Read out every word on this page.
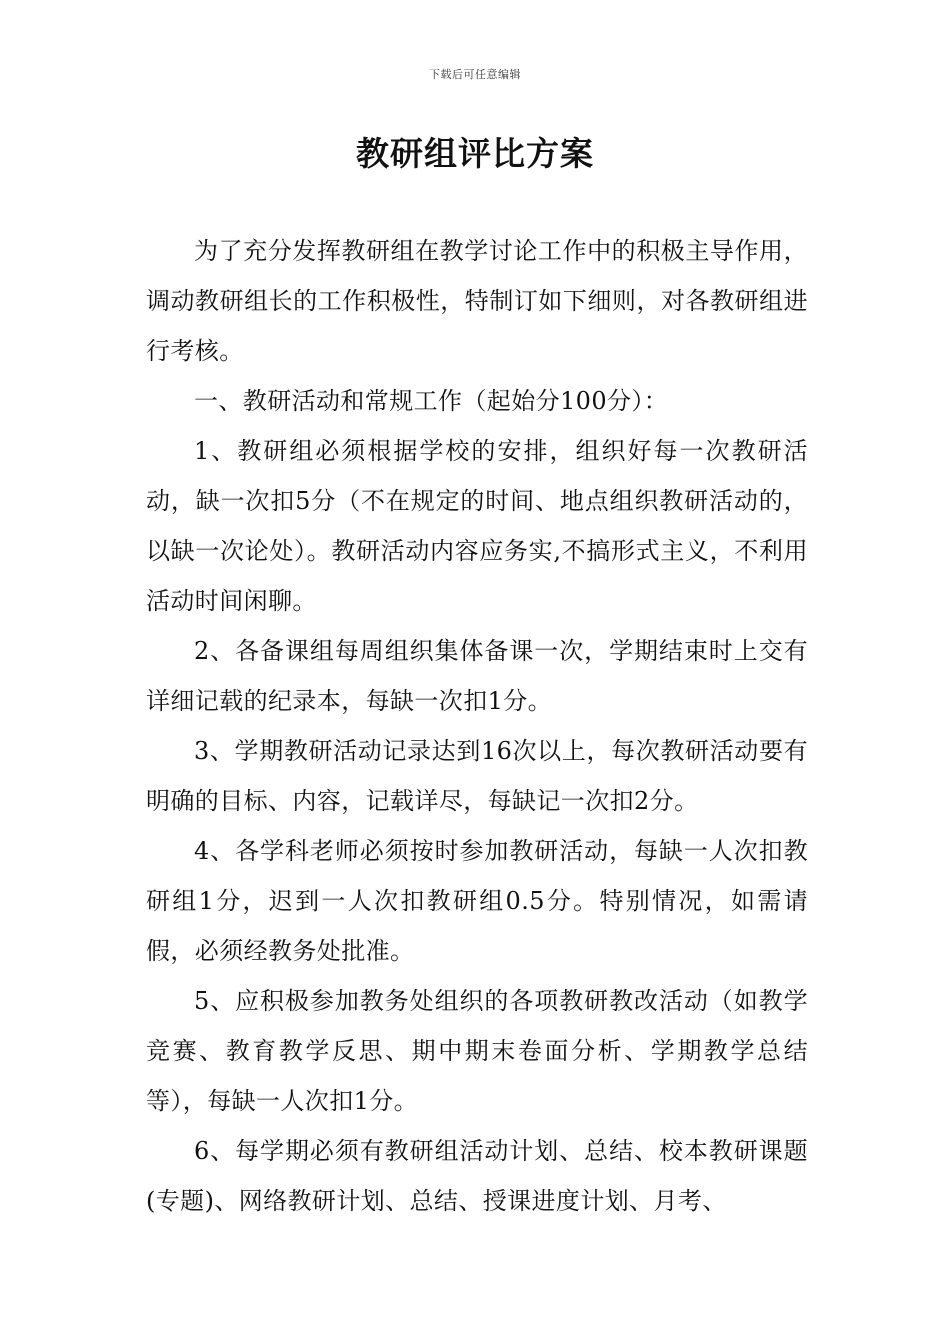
下载后可任意编辑
教研组评比方案

为了充分发挥教研组在教学讨论工作中的积极主导作用，调动教研组长的工作积极性，特制订如下细则，对各教研组进行考核。

一、教研活动和常规工作（起始分100分）：

1、教研组必须根据学校的安排，组织好每一次教研活动，缺一次扣5分（不在规定的时间、地点组织教研活动的，以缺一次论处）。教研活动内容应务实,不搞形式主义，不利用活动时间闲聊。

2、各备课组每周组织集体备课一次，学期结束时上交有详细记载的纪录本，每缺一次扣1分。

3、学期教研活动记录达到16次以上，每次教研活动要有明确的目标、内容，记载详尽，每缺记一次扣2分。

4、各学科老师必须按时参加教研活动，每缺一人次扣教研组1分，迟到一人次扣教研组0.5分。特别情况，如需请假，必须经教务处批准。

5、应积极参加教务处组织的各项教研教改活动（如教学竞赛、教育教学反思、期中期末卷面分析、学期教学总结等），每缺一人次扣1分。

6、每学期必须有教研组活动计划、总结、校本教研课题(专题)、网络教研计划、总结、授课进度计划、月考、
